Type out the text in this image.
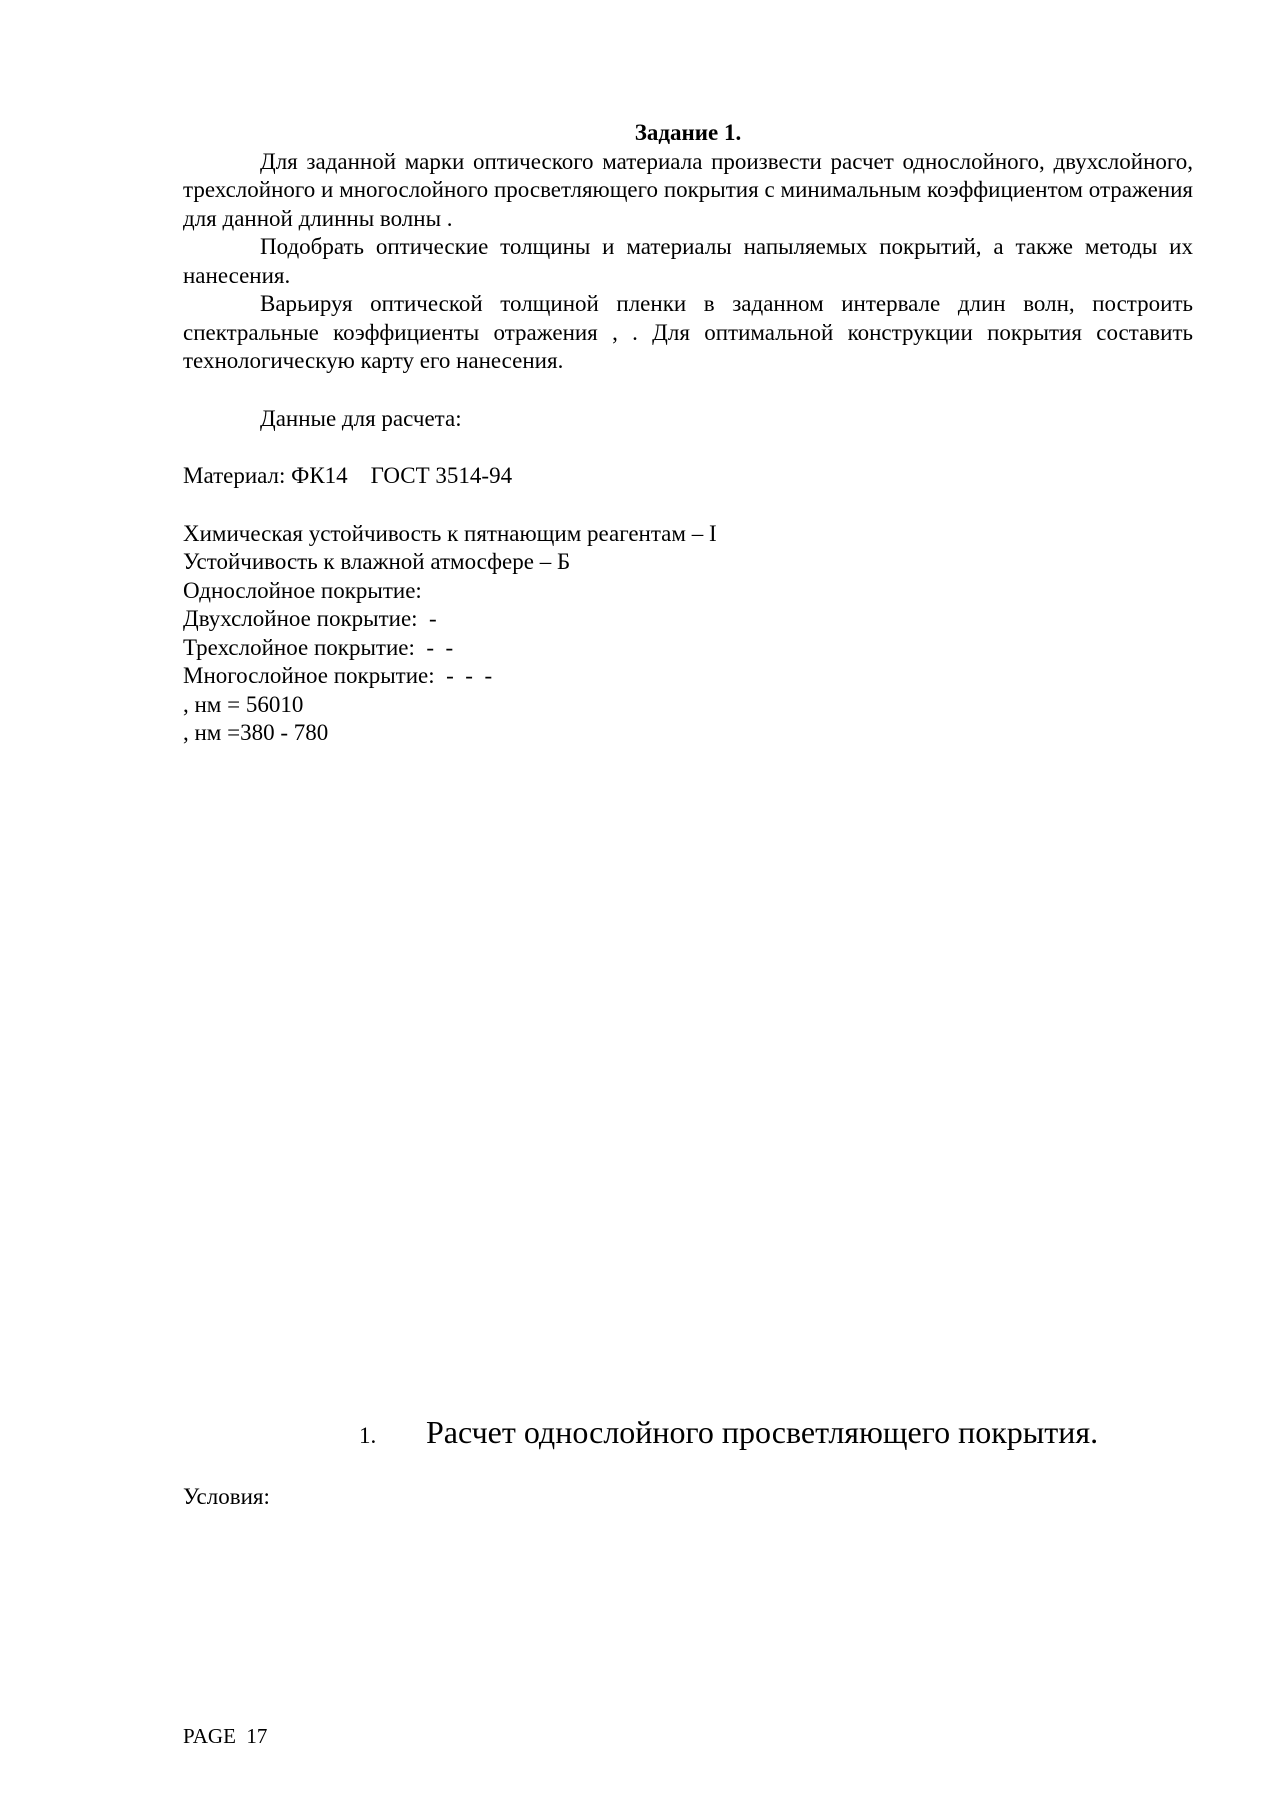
Задание 1.

Для заданной марки оптического материала произвести расчет однослойного, двухслойного, трехслойного и многослойного просветляющего покрытия с минимальным коэффициентом отражения для данной длинны волны .

Подобрать оптические толщины и материалы напыляемых покрытий, а также методы их нанесения.

Варьируя оптической толщиной пленки в заданном интервале длин волн, построить спектральные коэффициенты отражения , . Для оптимальной конструкции покрытия составить технологическую карту его нанесения.

Данные для расчета:

Материал: ФК14    ГОСТ 3514-94

Химическая устойчивость к пятнающим реагентам – I

Устойчивость к влажной атмосфере – Б

Однослойное покрытие:

Двухслойное покрытие:  -

Трехслойное покрытие:  -  -

Многослойное покрытие:  -  -  -

, нм = 56010

, нм =380 - 780

1. Расчет однослойного просветляющего покрытия.

Условия:

PAGE  17
